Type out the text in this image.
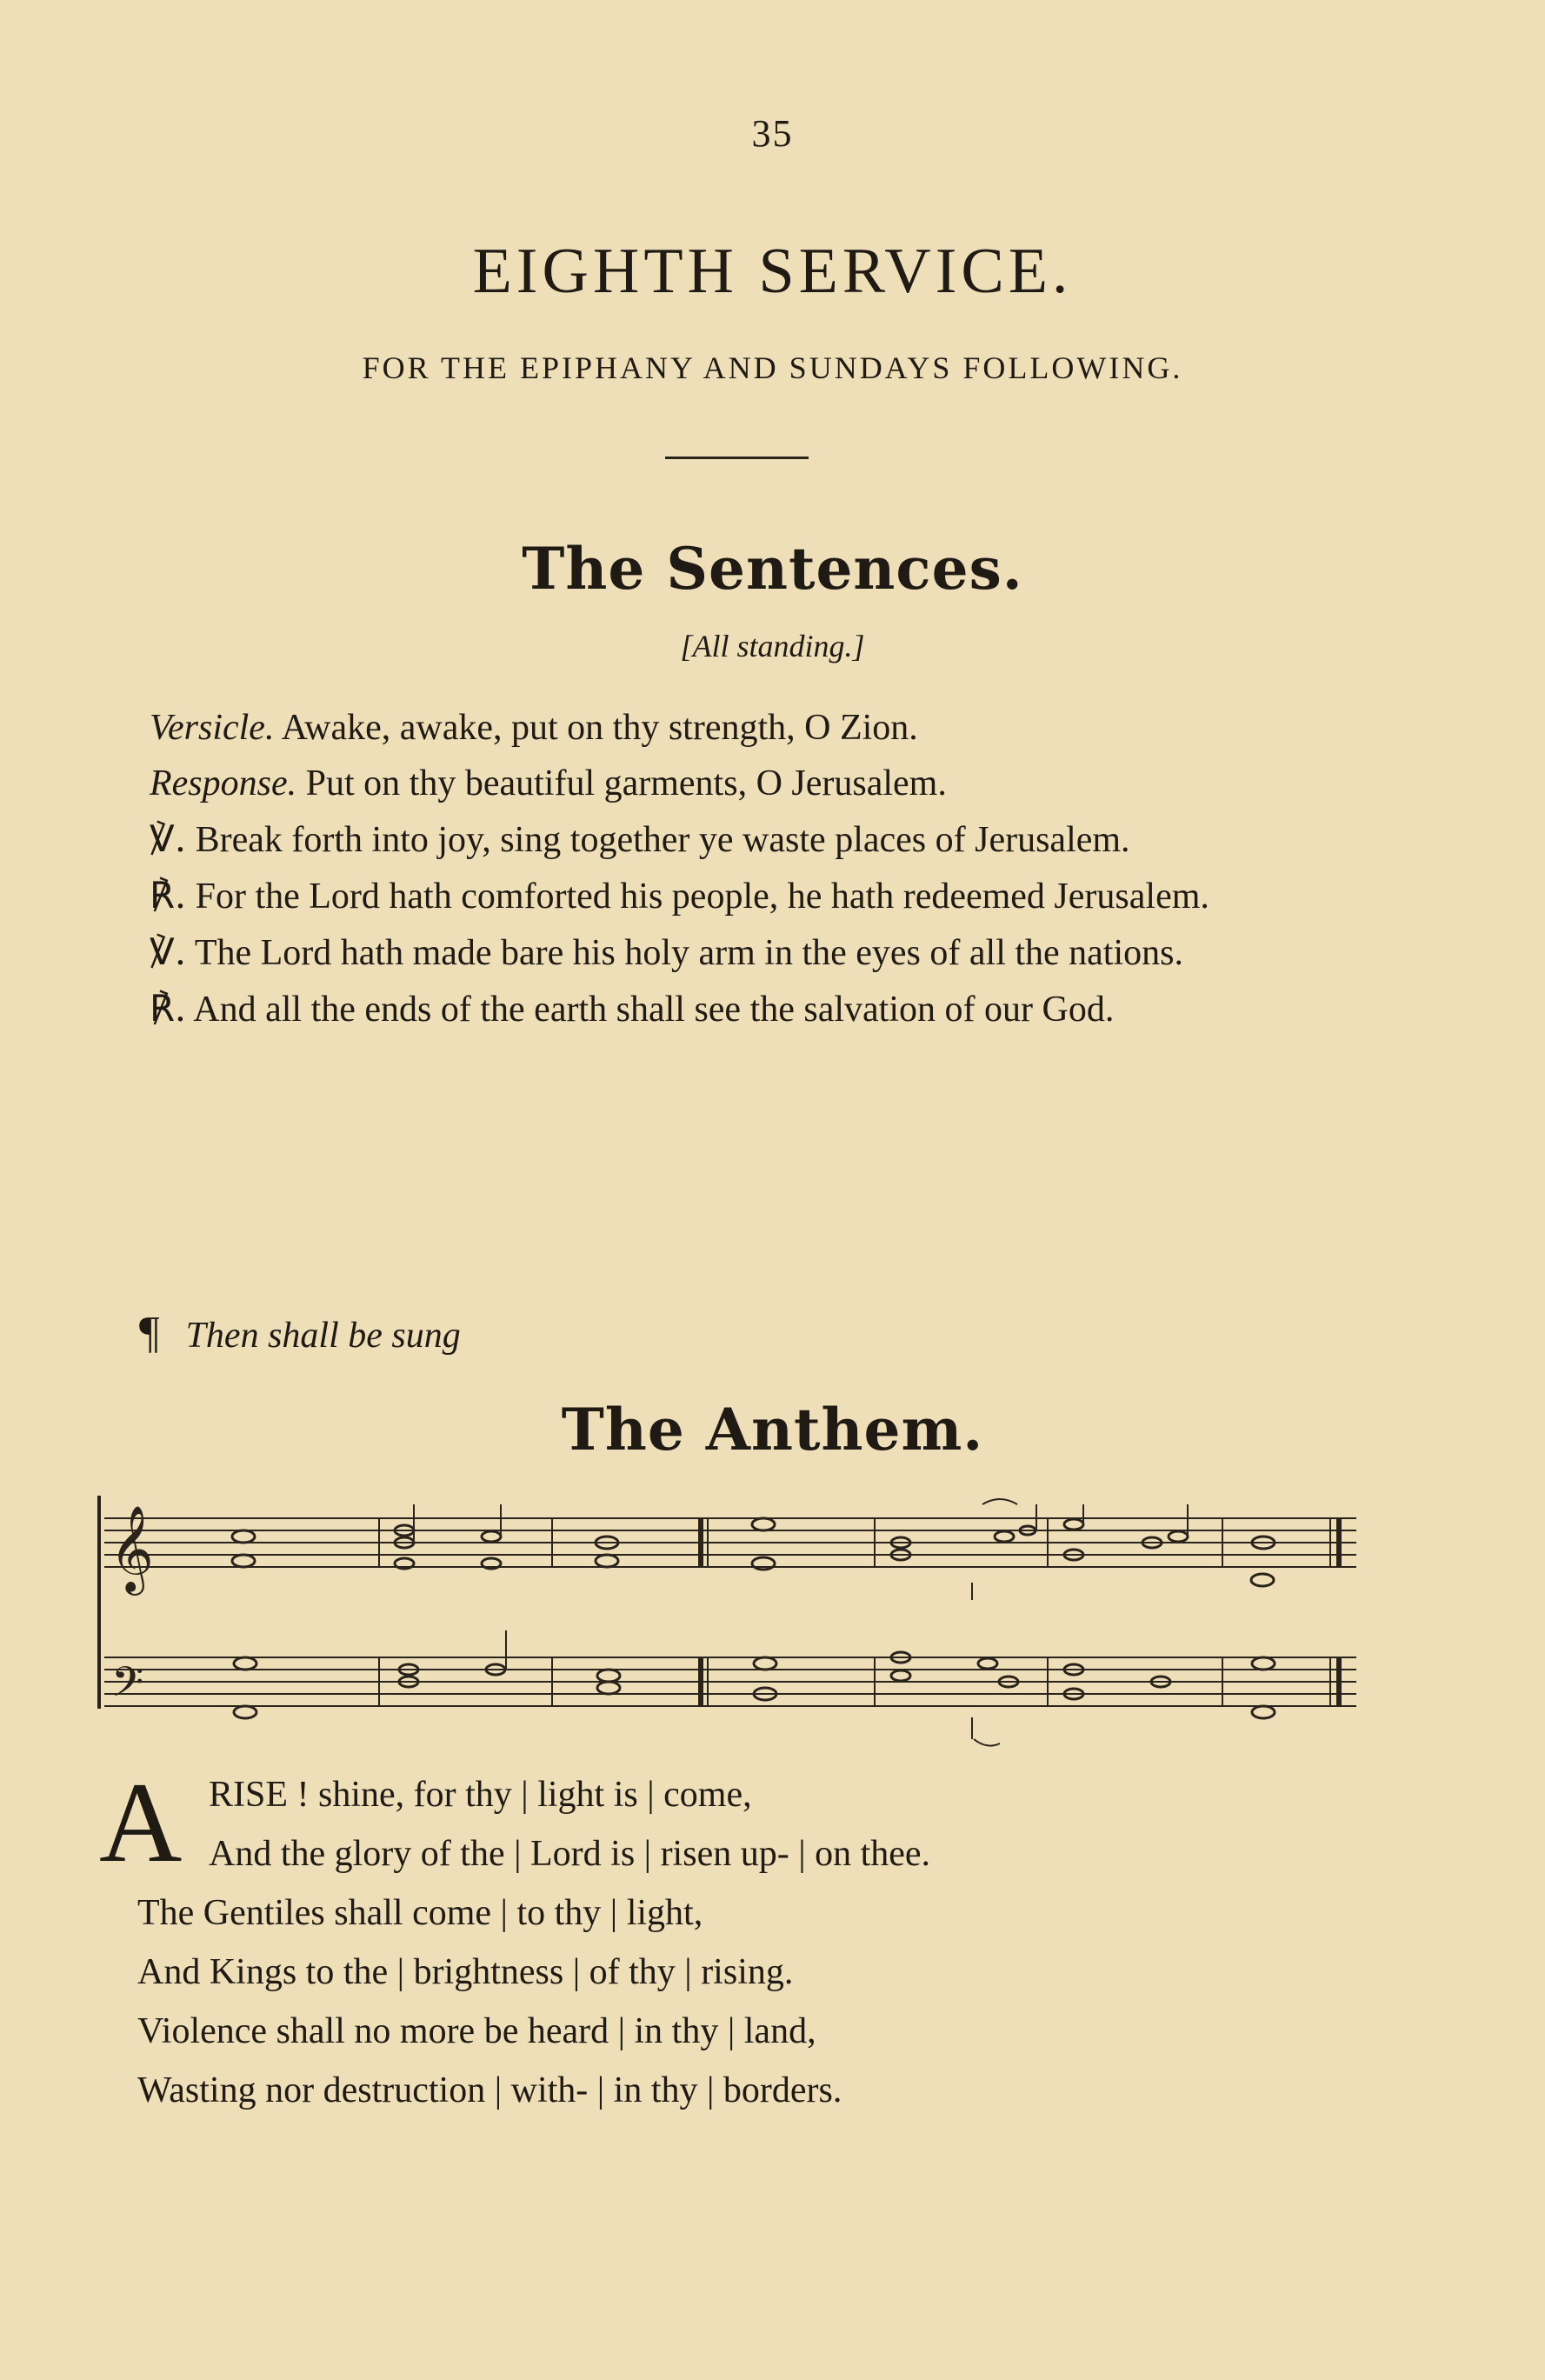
35
EIGHTH SERVICE.
FOR THE EPIPHANY AND SUNDAYS FOLLOWING.
The Sentences.
[All standing.]

Versicle. Awake, awake, put on thy strength, O Zion.

Response. Put on thy beautiful garments, O Jerusalem.

℣. Break forth into joy, sing together ye waste places of Jerusalem.

℟. For the Lord hath comforted his people, he hath redeemed Jerusalem.

℣. The Lord hath made bare his holy arm in the eyes of all the nations.

℟. And all the ends of the earth shall see the salvation of our God.

¶ Then shall be sung
The Anthem.
𝄞
𝄢
A RISE ! shine, for thy | light is | come,

And the glory of the | Lord is | risen up- | on thee.

The Gentiles shall come | to thy | light,

And Kings to the | brightness | of thy | rising.

Violence shall no more be heard | in thy | land,

Wasting nor destruction | with- | in thy | borders.
